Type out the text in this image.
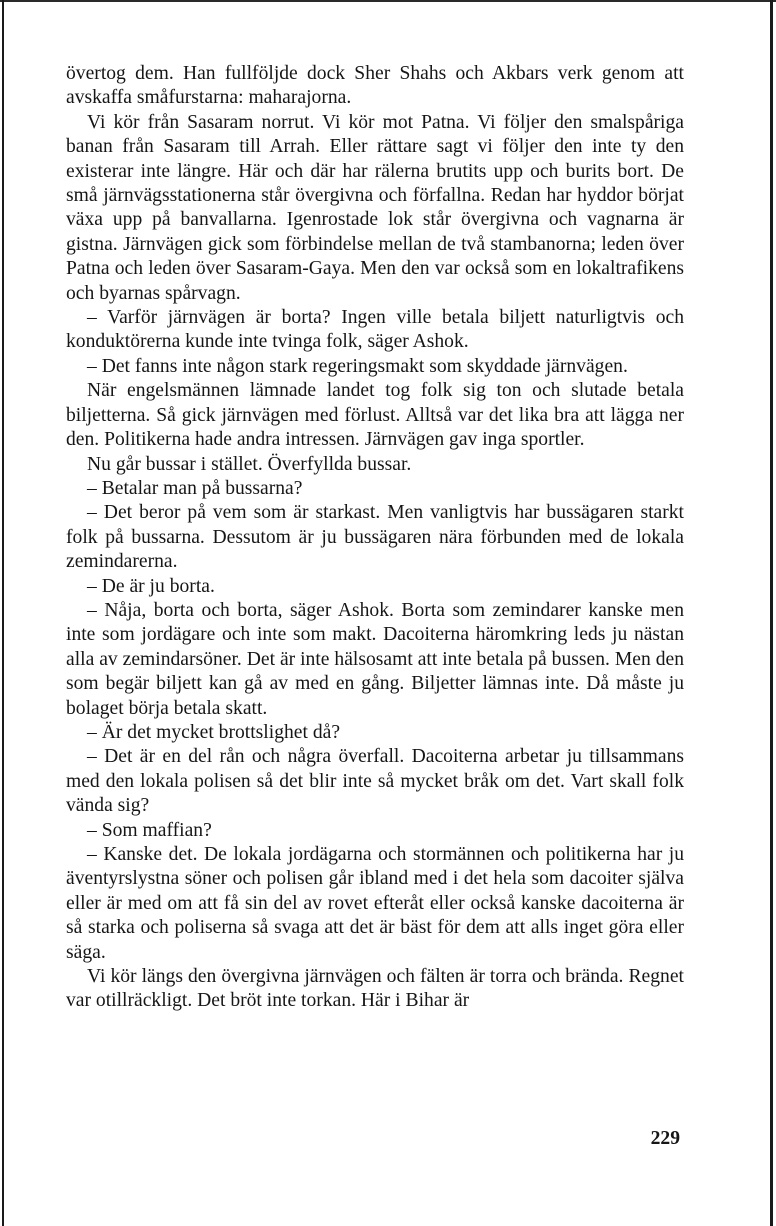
övertog dem. Han fullföljde dock Sher Shahs och Akbars verk genom att avskaffa småfurstarna: maharajorna.

Vi kör från Sasaram norrut. Vi kör mot Patna. Vi följer den smalspåriga banan från Sasaram till Arrah. Eller rättare sagt vi följer den inte ty den existerar inte längre. Här och där har rälerna brutits upp och burits bort. De små järnvägsstationerna står övergivna och förfallna. Redan har hyddor börjat växa upp på banvallarna. Igenrostade lok står övergivna och vagnarna är gistna. Järnvägen gick som förbindelse mellan de två stambanorna; leden över Patna och leden över Sasaram-Gaya. Men den var också som en lokaltrafikens och byarnas spårvagn.

– Varför järnvägen är borta? Ingen ville betala biljett naturligtvis och konduktörerna kunde inte tvinga folk, säger Ashok.

– Det fanns inte någon stark regeringsmakt som skyddade järnvägen.

När engelsmännen lämnade landet tog folk sig ton och slutade betala biljetterna. Så gick järnvägen med förlust. Alltså var det lika bra att lägga ner den. Politikerna hade andra intressen. Järnvägen gav inga sportler.

Nu går bussar i stället. Överfyllda bussar.

– Betalar man på bussarna?

– Det beror på vem som är starkast. Men vanligtvis har bussägaren starkt folk på bussarna. Dessutom är ju bussägaren nära förbunden med de lokala zemindarerna.

– De är ju borta.

– Nåja, borta och borta, säger Ashok. Borta som zemindarer kanske men inte som jordägare och inte som makt. Dacoiterna häromkring leds ju nästan alla av zemindarsöner. Det är inte hälsosamt att inte betala på bussen. Men den som begär biljett kan gå av med en gång. Biljetter lämnas inte. Då måste ju bolaget börja betala skatt.

– Är det mycket brottslighet då?

– Det är en del rån och några överfall. Dacoiterna arbetar ju tillsammans med den lokala polisen så det blir inte så mycket bråk om det. Vart skall folk vända sig?

– Som maffian?

– Kanske det. De lokala jordägarna och stormännen och politikerna har ju äventyrslystna söner och polisen går ibland med i det hela som dacoiter själva eller är med om att få sin del av rovet efteråt eller också kanske dacoiterna är så starka och poliserna så svaga att det är bäst för dem att alls inget göra eller säga.

Vi kör längs den övergivna järnvägen och fälten är torra och brända. Regnet var otillräckligt. Det bröt inte torkan. Här i Bihar är

229
